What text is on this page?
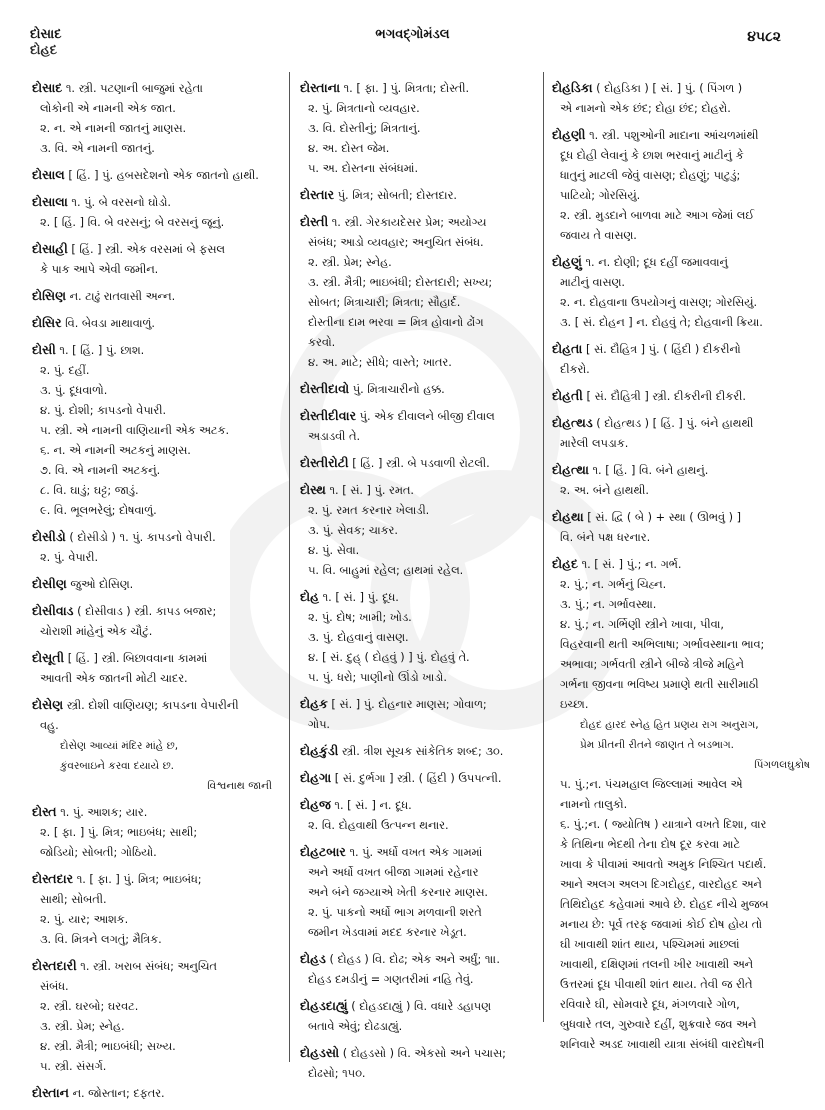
દોસાદ
દોહદ
ભગવદ્ગોમંડલ	૪૫૮૨
દોસાદ ૧. સ્ત્રી. પટણાની બાજુમાં રહેતા
લોકોની એ નામની એક જાત.
૨. ન. એ નામની જાતનું માણસ.
૩. વિ. એ નામની જાતનું.
દોસાલ [ હિં. ] પું. હબસદેશનો એક જાતનો હાથી.
દોસાલા ૧. પું. બે વરસનો ઘોડો.
૨. [ હિં. ] વિ. બે વરસનું; બે વરસનું જૂનું.
દોસાહી [ હિં. ] સ્ત્રી. એક વરસમાં બે ફસલ
કે પાક આપે એવી જમીન.
દોસિણ ન. ટાઢું રાતવાસી અન્ન.
દોસિર વિ. બેવડા માથાવાળું.
દોસી ૧. [ હિં. ] પું. છાશ.
૨. પું. દહીં.
૩. પું. દૂધવાળો.
૪. પું. દોશી; કાપડનો વેપારી.
૫. સ્ત્રી. એ નામની વાણિયાની એક અટક.
૬. ન. એ નામની અટકનું માણસ.
૭. વિ. એ નામની અટકનું.
૮. વિ. ઘાડું; ઘટ્ટ; જાડું.
૯. વિ. ભૂલભરેલું; દોષવાળું.
દોસીડો ( દોસીડો ) ૧. પું. કાપડનો વેપારી.
૨. પું. વેપારી.
દોસીણ જુઓ દોસિણ.
દોસીવાડ ( દોસીવાડ ) સ્ત્રી. કાપડ બજાર;
ચોરાશી માંહેનું એક ચૌટું.
દોસૂતી [ હિં. ] સ્ત્રી. બિછાવવાના કામમાં
આવતી એક જાતની મોટી ચાદર.
દોસેણ સ્ત્રી. દોશી વાણિયણ; કાપડના વેપારીની
વહુ.
દોસેણ આવ્યાં મંદિર માંહે છ,
કુંવરબાઇને કરવા દયાયે છ.
વિશ્વનાથ જાની
દોસ્ત ૧. પું. આશક; યાર.
૨. [ ફા. ] પું. મિત્ર; ભાઇબંધ; સાથી;
જોડિયો; સોબતી; ગોઠિયો.
દોસ્તદાર ૧. [ ફા. ] પું. મિત્ર; ભાઇબંધ;
સાથી; સોબતી.
૨. પું. યાર; આશક.
૩. વિ. મિત્રને લગતું; મૈત્રિક.
દોસ્તદારી ૧. સ્ત્રી. ખરાબ સંબંધ; અનુચિત
સંબંધ.
૨. સ્ત્રી. ઘરબો; ઘરવટ.
૩. સ્ત્રી. પ્રેમ; સ્નેહ.
૪. સ્ત્રી. મૈત્રી; ભાઇબંધી; સખ્ય.
૫. સ્ત્રી. સંસર્ગ.
દોસ્તાન ન. જોસ્તાન; દફતર.
દોસ્તાના ૧. [ ફા. ] પું. મિત્રતા; દોસ્તી.
૨. પું. મિત્રતાનો વ્યવહાર.
૩. વિ. દોસ્તીનું; મિત્રતાનું.
૪. અ. દોસ્ત જેમ.
૫. અ. દોસ્તના સંબંધમાં.
દોસ્તાર પું. મિત્ર; સોબતી; દોસ્તદાર.
દોસ્તી ૧. સ્ત્રી. ગેરકાયદેસર પ્રેમ; અયોગ્ય
સંબંધ; આડો વ્યવહાર; અનુચિત સંબંધ.
૨. સ્ત્રી. પ્રેમ; સ્નેહ.
૩. સ્ત્રી. મૈત્રી; ભાઇબંધી; દોસ્તદારી; સખ્ય;
સોબત; મિત્રાચારી; મિત્રતા; સૌહાર્દ.
દોસ્તીના દામ ભરવા = મિત્ર હોવાનો ઢોંગ
કરવો.
૪. અ. માટે; સીધે; વાસ્તે; ખાતર.
દોસ્તીદાવો પું. મિત્રાચારીનો હક્ક.
દોસ્તીદીવાર પું. એક દીવાલને બીજી દીવાલ
અડાડવી તે.
દોસ્તીરોટી [ હિં. ] સ્ત્રી. બે પડવાળી રોટલી.
દોસ્થ ૧. [ સં. ] પું. રમત.
૨. પું. રમત કરનાર ખેલાડી.
૩. પું. સેવક; ચાકર.
૪. પું. સેવા.
૫. વિ. બાહુમાં રહેલ; હાથમાં રહેલ.
દોહ ૧. [ સં. ] પું. દૂધ.
૨. પું. દોષ; ખામી; ખોડ.
૩. પું. દોહવાનું વાસણ.
૪. [ સં. દુહ્ ( દોહવું ) ] પું. દોહવું તે.
૫. પું. ધરો; પાણીનો ઊંડો ખાડો.
દોહક [ સં. ] પું. દોહનાર માણસ; ગોવાળ;
ગોપ.
દોહકુંડી સ્ત્રી. ત્રીશ સૂચક સાંકેતિક શબ્દ; ૩૦.
દોહગા [ સં. દુર્ભગા ] સ્ત્રી. ( હિંદી ) ઉપપત્ની.
દોહજ ૧. [ સં. ] ન. દૂધ.
૨. વિ. દોહવાથી ઉત્પન્ન થનાર.
દોહટબાર ૧. પું. અર્ધો વખત એક ગામમાં
અને અર્ધો વખત બીજા ગામમાં રહેનાર
અને બંને જગ્યાએ ખેતી કરનાર માણસ.
૨. પું. પાકનો અર્ધો ભાગ મળવાની શરતે
જમીન ખેડવામાં મદદ કરનાર ખેડૂત.
દોહડ ( દોહડ ) વિ. દોઢ; એક અને અર્ધું; ૧॥.
દોહડ દમડીનું = ગણતરીમાં નહિ તેવું.
દોહડદાહ્યું ( દોહડદાહ્યું ) વિ. વધારે ડહાપણ
બતાવે એવું; દોઢડાહ્યું.
દોહડસો ( દોહડસો ) વિ. એકસો અને પચાસ;
દોઢસો; ૧૫૦.
દોહડિકા ( દોહડિકા ) [ સં. ] પું. ( પિંગળ )
એ નામનો એક છંદ; દોહા છંદ; દોહરો.
દોહણી ૧. સ્ત્રી. પશુઓની માદાના આંચળમાંથી
દૂધ દોહી લેવાનું કે છાશ ભરવાનું માટીનું કે
ધાતુનું માટલી જેવું વાસણ; દોહણું; પાટુડું;
પાટિયો; ગોરસિયું.
૨. સ્ત્રી. મુડદાને બાળવા માટે આગ જેમાં લઈ
જવાય તે વાસણ.
દોહણું ૧. ન. દોણી; દૂધ દહીં જમાવવાનું
માટીનું વાસણ.
૨. ન. દોહવાના ઉપયોગનું વાસણ; ગોરસિયું.
૩. [ સં. દોહન ] ન. દોહવું તે; દોહવાની ક્રિયા.
દોહતા [ સં. દૌહિત્ર ] પું. ( હિંદી ) દીકરીનો
દીકરો.
દોહતી [ સં. દૌહિત્રી ] સ્ત્રી. દીકરીની દીકરી.
દોહત્થડ ( દોહત્થડ ) [ હિં. ] પું. બંને હાથથી
મારેલી લપડાક.
દોહત્થા ૧. [ હિં. ] વિ. બંને હાથનું.
૨. અ. બંને હાથથી.
દોહથા [ સં. દ્વિ ( બે ) + સ્થા ( ઊભવું ) ]
વિ. બંને પક્ષ ધરનાર.
દોહદ ૧. [ સં. ] પું.; ન. ગર્ભ.
૨. પું.; ન. ગર્ભનું ચિહ્ન.
૩. પું.; ન. ગર્ભાવસ્થા.
૪. પું.; ન. ગર્ભિણી સ્ત્રીને ખાવા, પીવા,
વિહરવાની થતી અભિલાષા; ગર્ભાવસ્થાના ભાવ;
અભાવા; ગર્ભવતી સ્ત્રીને બીજે ત્રીજે મહિને
ગર્ભના જીવના ભવિષ્ય પ્રમાણે થતી સારીમાઠી
ઇચ્છા.
દોહદ હારદ સ્નેહ હિત પ્રણય રાગ અનુરાગ,
પ્રેમ પ્રીતની રીતને જાણત તે બડભાગ.
પિંગળલઘુકોષ
૫. પું.;ન. પંચમહાલ જિલ્લામાં આવેલ એ
નામનો તાલુકો.
૬. પું.;ન. ( જ્યોતિષ ) યાત્રાને વખતે દિશા, વાર
કે તિથિના ભેદથી તેના દોષ દૂર કરવા માટે
ખાવા કે પીવામાં આવતો અમુક નિશ્ચિત પદાર્થ.
આને અલગ અલગ દિગદોહદ, વારદોહદ અને
તિથિદોહદ કહેવામાં આવે છે. દોહદ નીચે મુજબ
મનાય છે: પૂર્વ તરફ જવામાં કોઈ દોષ હોય તો
ઘી ખાવાથી શાંત થાય, પશ્ચિમમાં માછલાં
ખાવાથી, દક્ષિણમાં તલની ખીર ખાવાથી અને
ઉત્તરમાં દૂધ પીવાથી શાંત થાય. તેવી જ રીતે
રવિવારે ઘી, સોમવારે દૂધ, મંગળવારે ગોળ,
બુધવારે તલ, ગુરુવારે દહીં, શુક્રવારે જવ અને
શનિવારે અડદ ખાવાથી યાત્રા સંબંધી વારદોષની
